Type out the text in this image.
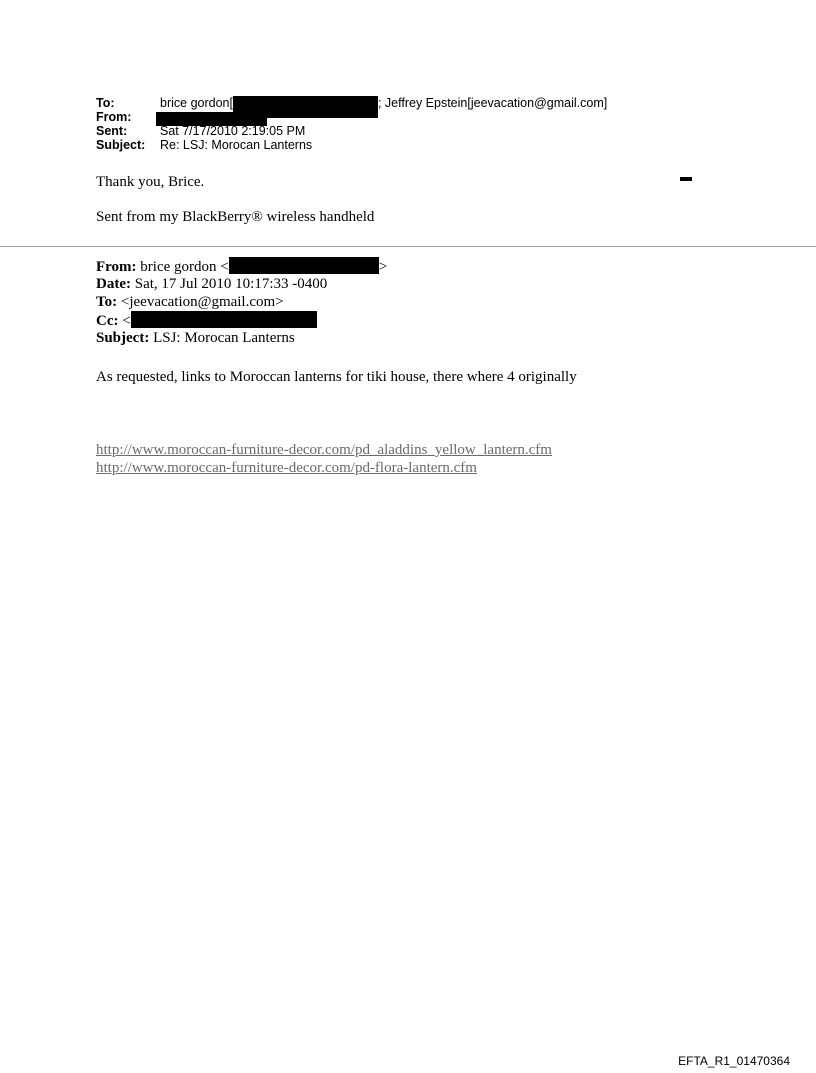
To:	brice gordon[	; Jeffrey Epstein[jeevacation@gmail.com]
From:
Sent:	Sat 7/17/2010 2:19:05 PM
Subject: Re: LSJ: Morocan Lanterns
Thank you, Brice.
Sent from my BlackBerry® wireless handheld
From: brice gordon <	>
Date: Sat, 17 Jul 2010 10:17:33 -0400
To: <jeevacation@gmail.com>
Cc: <
Subject: LSJ: Morocan Lanterns
As requested, links to Moroccan lanterns for tiki house, there where 4 originally
http://www.moroccan-furniture-decor.com/pd_aladdins_yellow_lantern.cfm
http://www.moroccan-furniture-decor.com/pd-flora-lantern.cfm
EFTA_R1_01470364
